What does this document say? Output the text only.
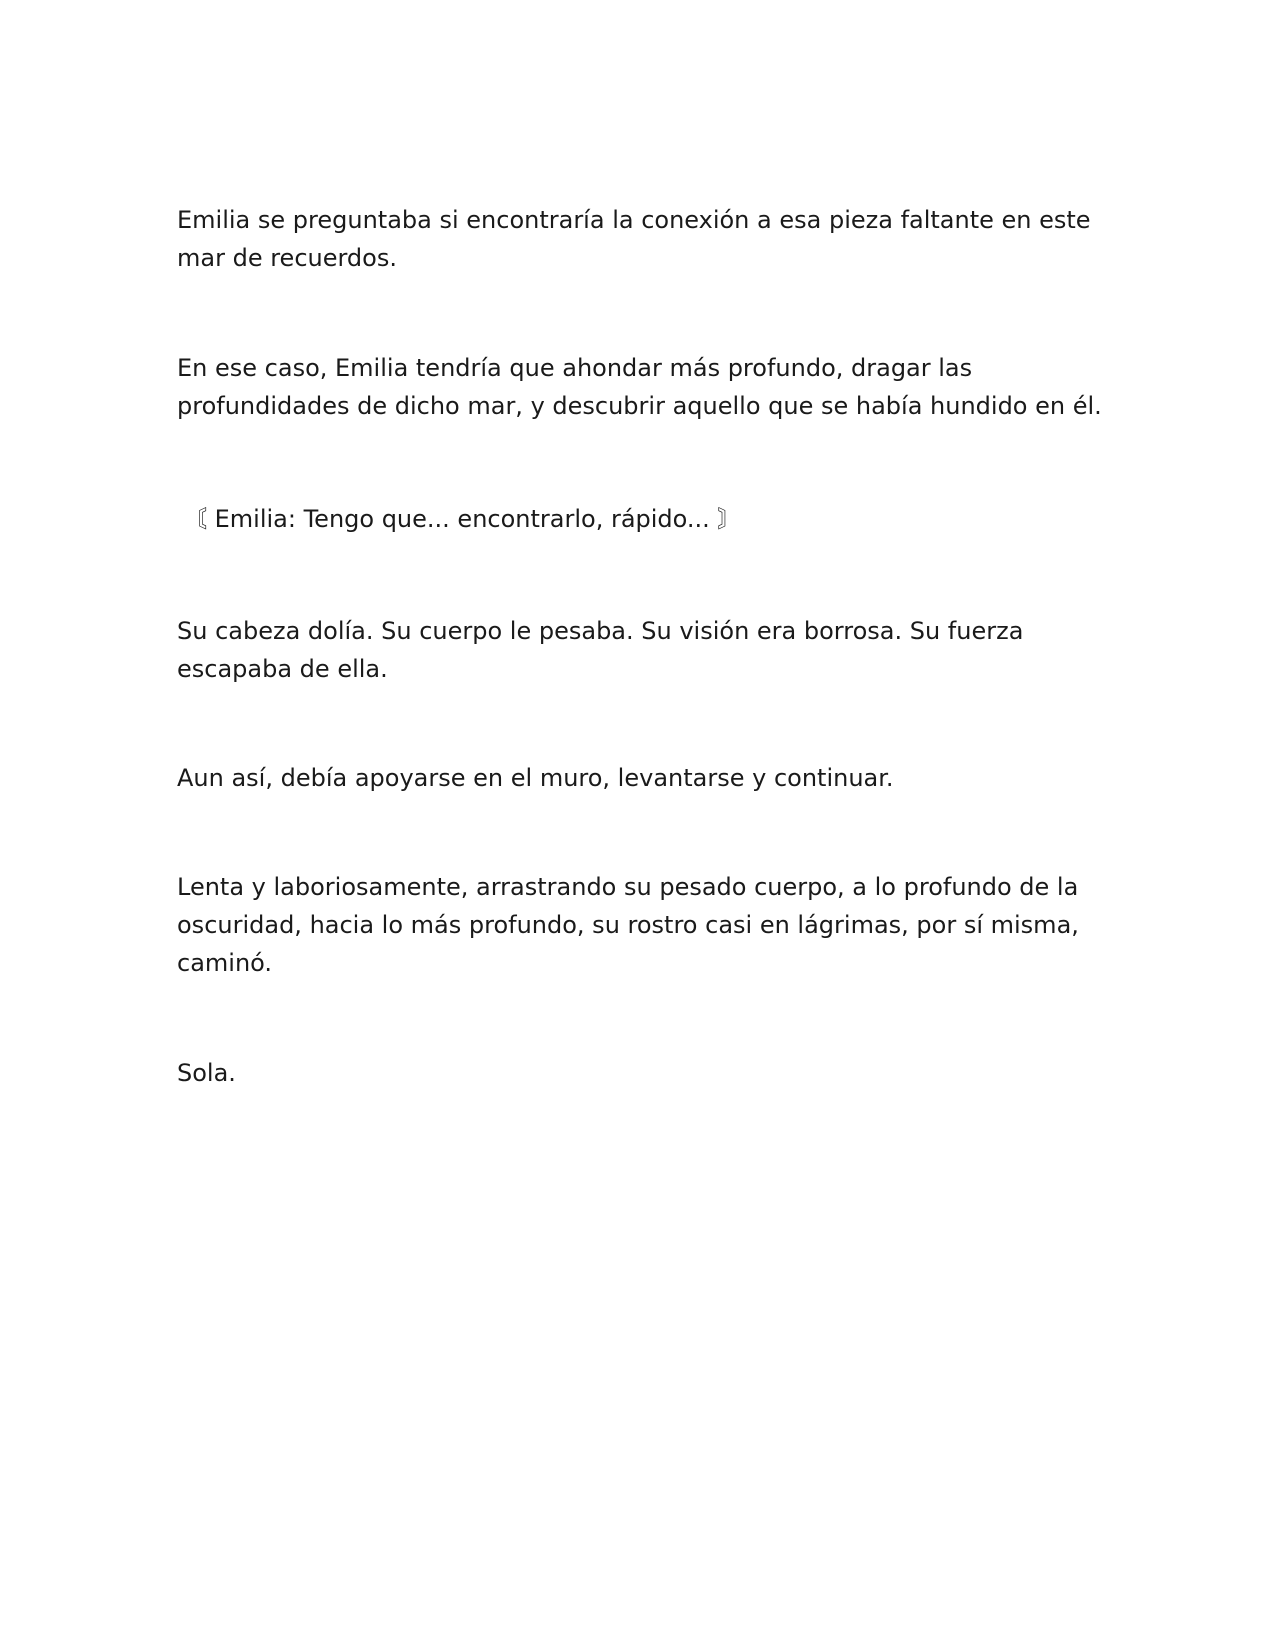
Emilia se preguntaba si encontraría la conexión a esa pieza faltante en este mar de recuerdos.

En ese caso, Emilia tendría que ahondar más profundo, dragar las profundidades de dicho mar, y descubrir aquello que se había hundido en él.

〘 Emilia: Tengo que... encontrarlo, rápido... 〙

Su cabeza dolía. Su cuerpo le pesaba. Su visión era borrosa. Su fuerza escapaba de ella.

Aun así, debía apoyarse en el muro, levantarse y continuar.

Lenta y laboriosamente, arrastrando su pesado cuerpo, a lo profundo de la oscuridad, hacia lo más profundo, su rostro casi en lágrimas, por sí misma, caminó.

Sola.
